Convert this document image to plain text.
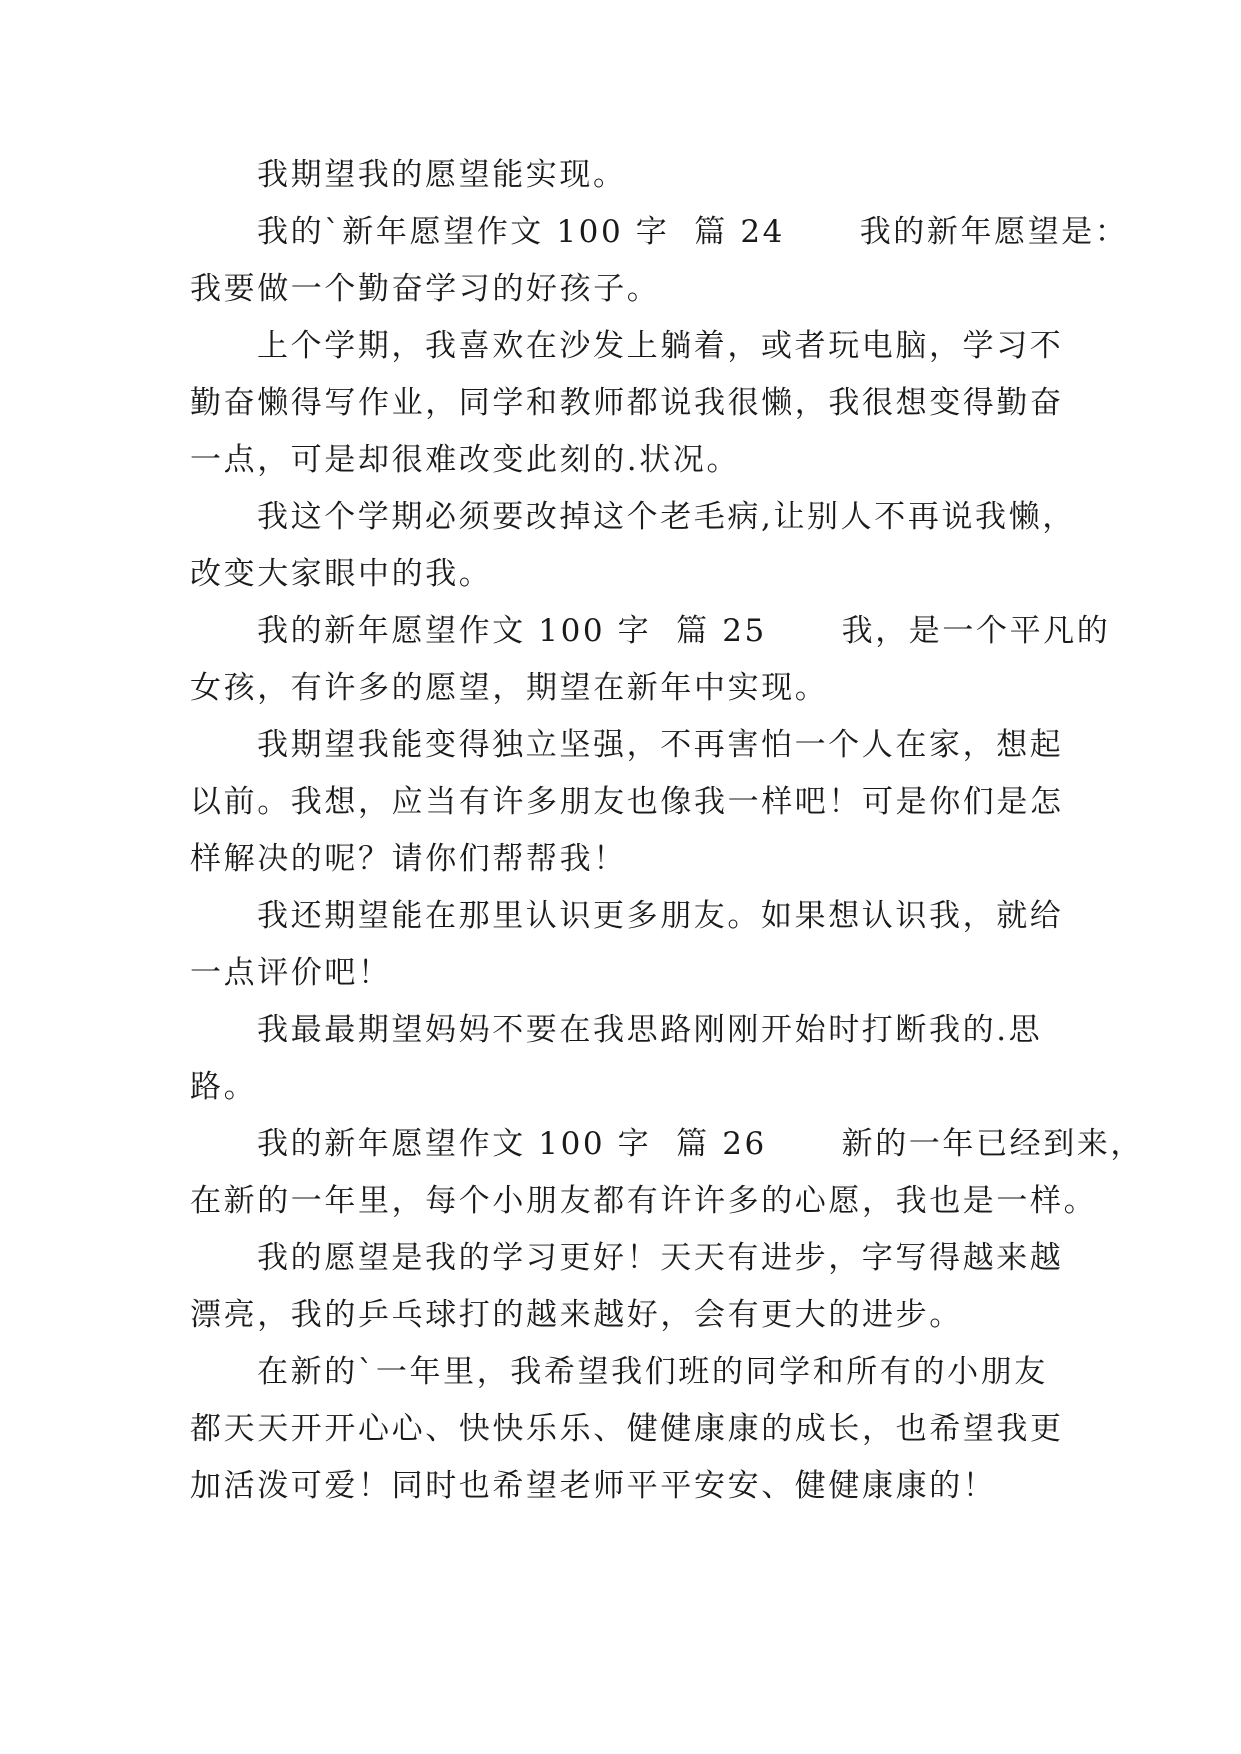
我期望我的愿望能实现。
我的`新年愿望作文 100 字  篇 24      我的新年愿望是：
我要做一个勤奋学习的好孩子。
上个学期，我喜欢在沙发上躺着，或者玩电脑，学习不
勤奋懒得写作业，同学和教师都说我很懒，我很想变得勤奋
一点，可是却很难改变此刻的.状况。
我这个学期必须要改掉这个老毛病,让别人不再说我懒，
改变大家眼中的我。
我的新年愿望作文 100 字  篇 25      我，是一个平凡的
女孩，有许多的愿望，期望在新年中实现。
我期望我能变得独立坚强，不再害怕一个人在家，想起
以前。我想，应当有许多朋友也像我一样吧！可是你们是怎
样解决的呢？请你们帮帮我！
我还期望能在那里认识更多朋友。如果想认识我，就给
一点评价吧！
我最最期望妈妈不要在我思路刚刚开始时打断我的.思
路。
我的新年愿望作文 100 字  篇 26      新的一年已经到来，
在新的一年里，每个小朋友都有许许多的心愿，我也是一样。
我的愿望是我的学习更好！天天有进步，字写得越来越
漂亮，我的乒乓球打的越来越好，会有更大的进步。
在新的`一年里，我希望我们班的同学和所有的小朋友
都天天开开心心、快快乐乐、健健康康的成长，也希望我更
加活泼可爱！同时也希望老师平平安安、健健康康的！
